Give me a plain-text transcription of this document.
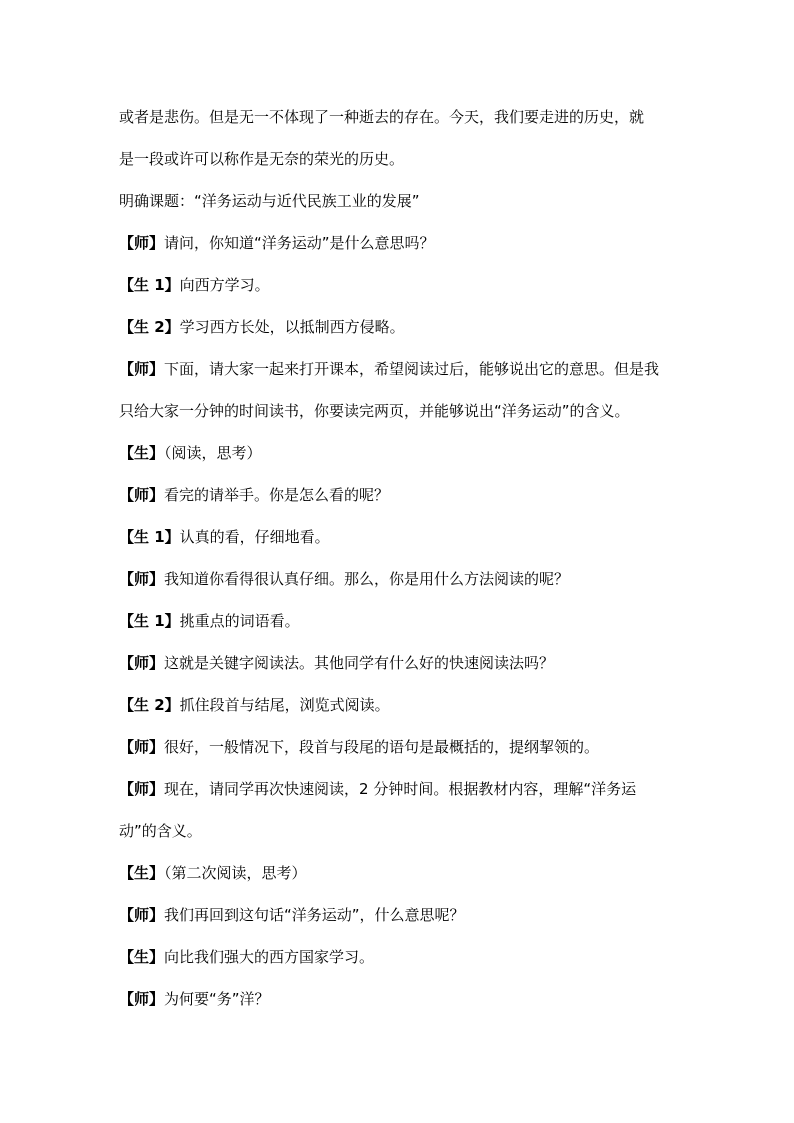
或者是悲伤。但是无一不体现了一种逝去的存在。今天，我们要走进的历史，就
是一段或许可以称作是无奈的荣光的历史。
明确课题：“洋务运动与近代民族工业的发展”
【师】请问，你知道“洋务运动”是什么意思吗？
【生 1】向西方学习。
【生 2】学习西方长处，以抵制西方侵略。
【师】下面，请大家一起来打开课本，希望阅读过后，能够说出它的意思。但是我
只给大家一分钟的时间读书，你要读完两页，并能够说出“洋务运动”的含义。
【生】（阅读，思考）
【师】看完的请举手。你是怎么看的呢？
【生 1】认真的看，仔细地看。
【师】我知道你看得很认真仔细。那么，你是用什么方法阅读的呢？
【生 1】挑重点的词语看。
【师】这就是关键字阅读法。其他同学有什么好的快速阅读法吗？
【生 2】抓住段首与结尾，浏览式阅读。
【师】很好，一般情况下，段首与段尾的语句是最概括的，提纲挈领的。
【师】现在，请同学再次快速阅读，2 分钟时间。根据教材内容，理解“洋务运
动”的含义。
【生】（第二次阅读，思考）
【师】我们再回到这句话“洋务运动”，什么意思呢？
【生】向比我们强大的西方国家学习。
【师】为何要“务”洋？
